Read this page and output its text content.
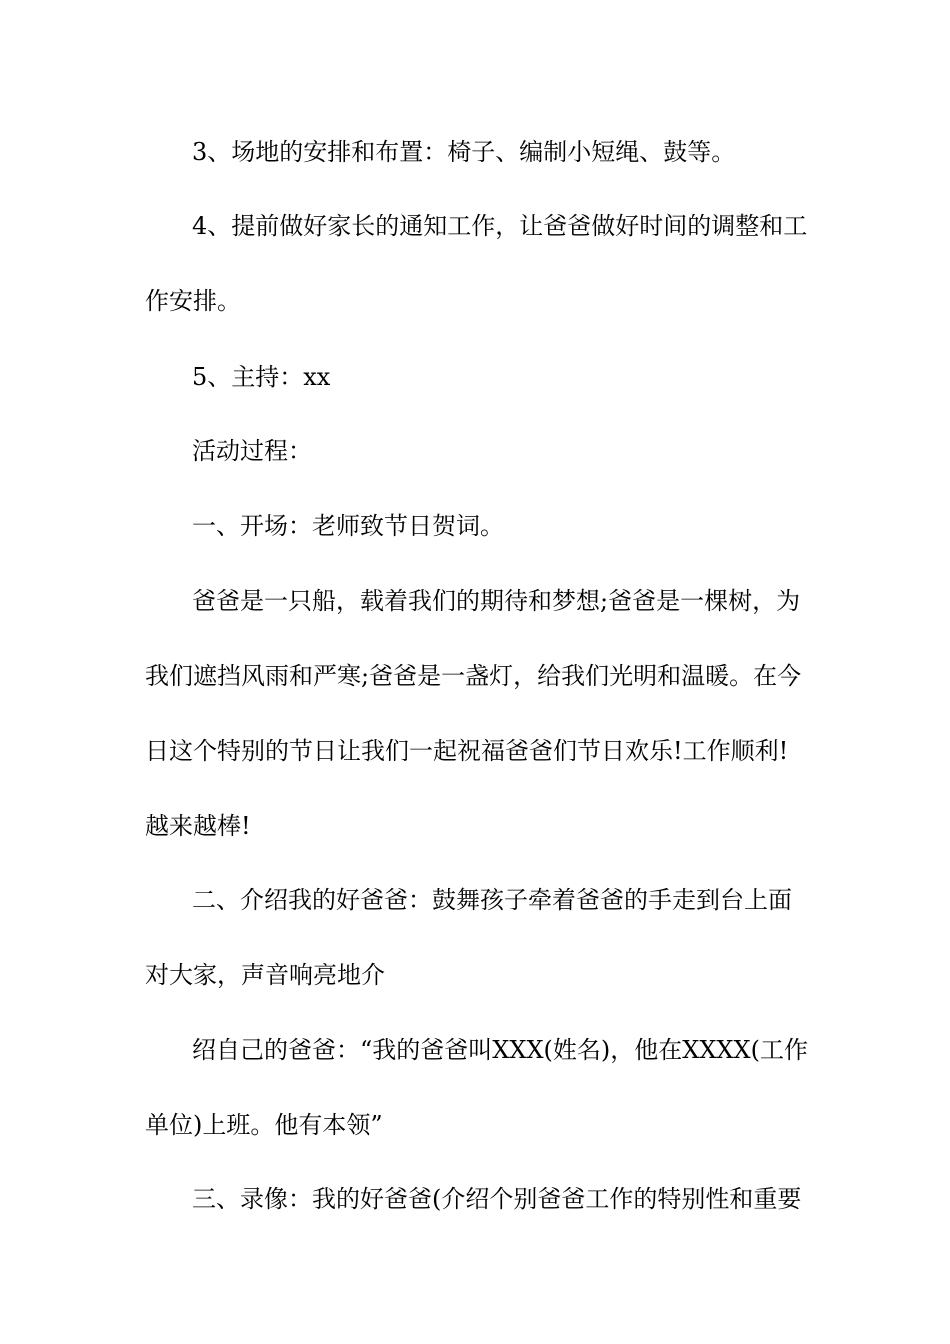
3、场地的安排和布置：椅子、编制小短绳、鼓等。
4、提前做好家长的通知工作，让爸爸做好时间的调整和工
作安排。
5、主持：xx
活动过程：
一、开场：老师致节日贺词。
爸爸是一只船，载着我们的期待和梦想;爸爸是一棵树，为
我们遮挡风雨和严寒;爸爸是一盏灯，给我们光明和温暖。在今
日这个特别的节日让我们一起祝福爸爸们节日欢乐!工作顺利!
越来越棒!
二、介绍我的好爸爸：鼓舞孩子牵着爸爸的手走到台上面
对大家，声音响亮地介
绍自己的爸爸：“我的爸爸叫XXX(姓名)，他在XXXX(工作
单位)上班。他有本领”
三、录像：我的好爸爸(介绍个别爸爸工作的特别性和重要
